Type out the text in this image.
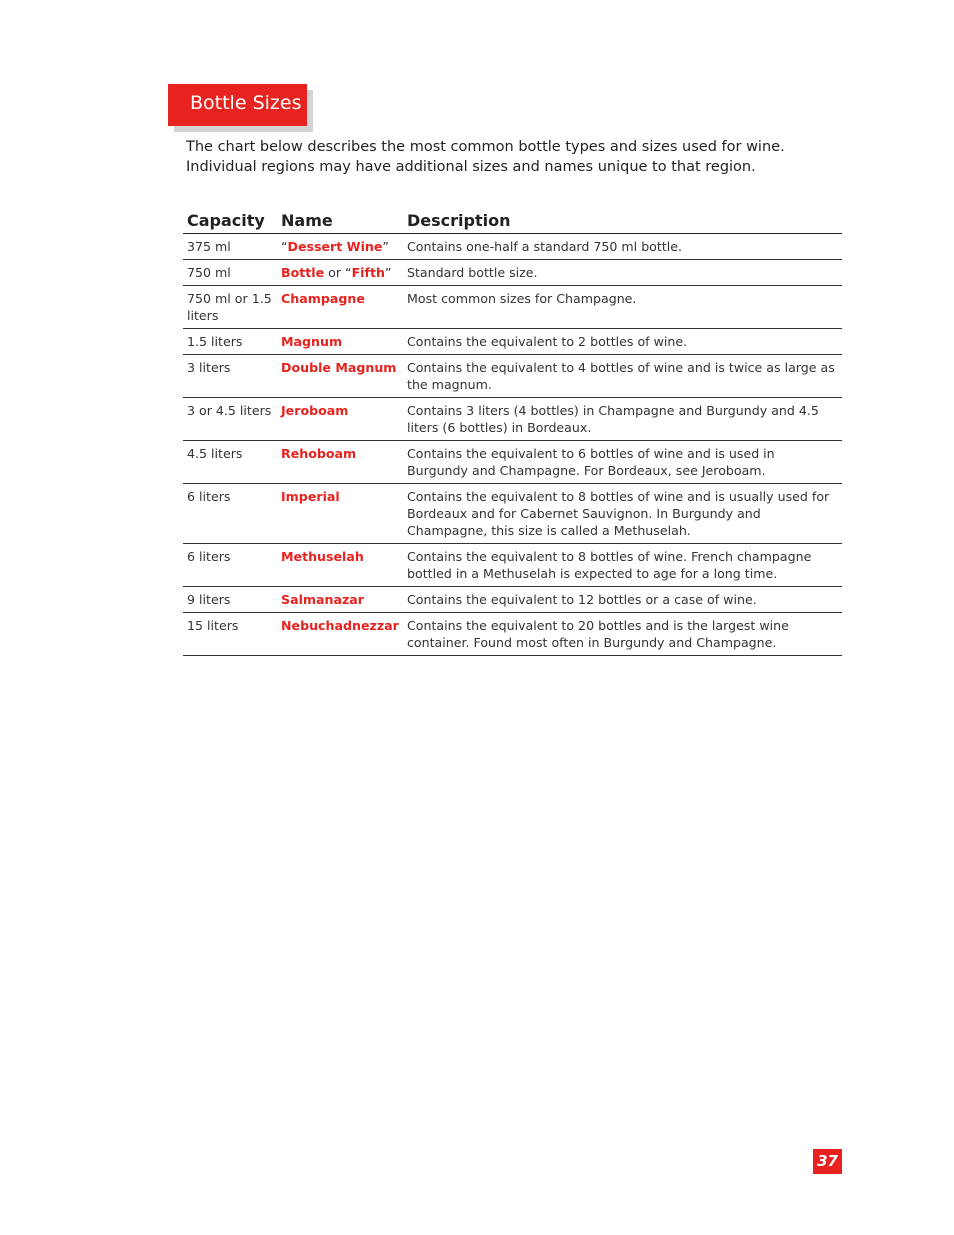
Bottle Sizes

The chart below describes the most common bottle types and sizes used for wine.

Individual regions may have additional sizes and names unique to that region.

Capacity	Name	Description
375 ml	“Dessert Wine”	Contains one-half a standard 750 ml bottle.
750 ml	Bottle or “Fifth”	Standard bottle size.
750 ml or 1.5 liters	Champagne	Most common sizes for Champagne.
1.5 liters	Magnum	Contains the equivalent to 2 bottles of wine.
3 liters	Double Magnum	Contains the equivalent to 4 bottles of wine and is twice as large as the magnum.
3 or 4.5 liters	Jeroboam	Contains 3 liters (4 bottles) in Champagne and Burgundy and 4.5 liters (6 bottles) in Bordeaux.
4.5 liters	Rehoboam	Contains the equivalent to 6 bottles of wine and is used in Burgundy and Champagne. For Bordeaux, see Jeroboam.
6 liters	Imperial	Contains the equivalent to 8 bottles of wine and is usually used for Bordeaux and for Cabernet Sauvignon. In Burgundy and Champagne, this size is called a Methuselah.
6 liters	Methuselah	Contains the equivalent to 8 bottles of wine. French champagne bottled in a Methuselah is expected to age for a long time.
9 liters	Salmanazar	Contains the equivalent to 12 bottles or a case of wine.
15 liters	Nebuchadnezzar	Contains the equivalent to 20 bottles and is the largest wine container. Found most often in Burgundy and Champagne.
37
